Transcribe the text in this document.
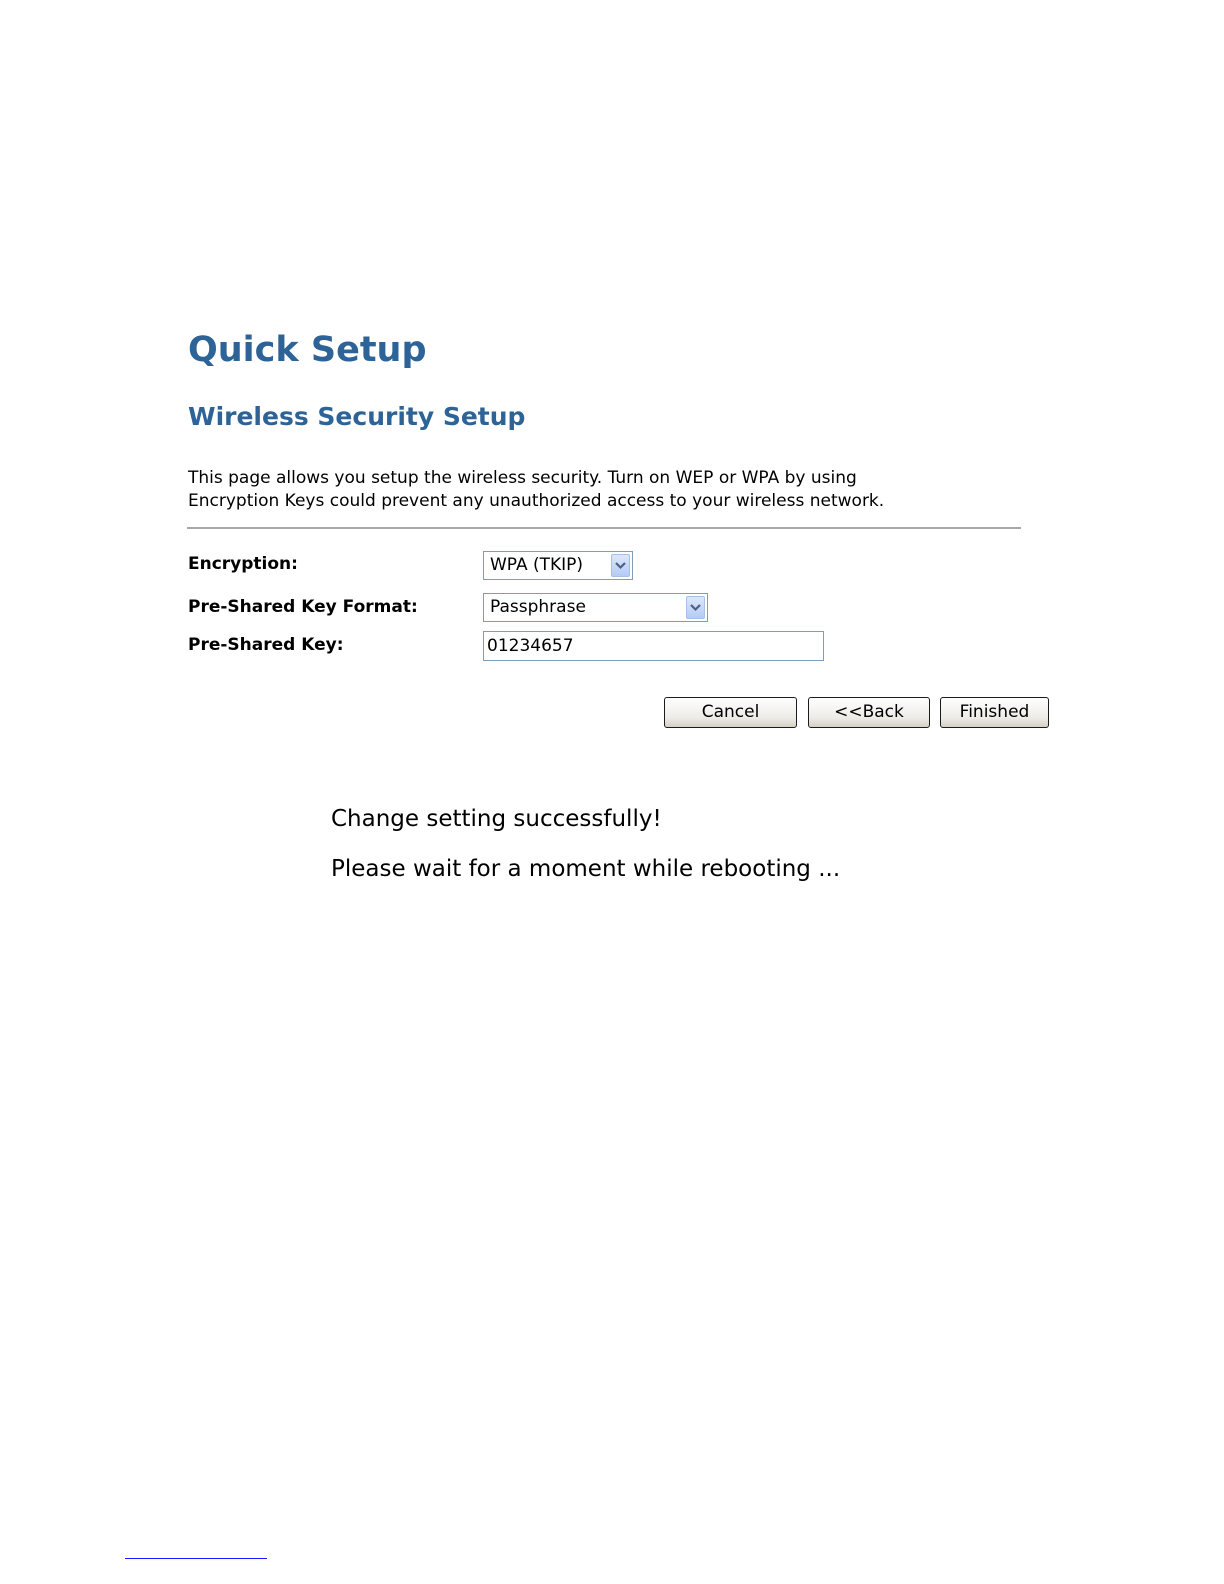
Quick Setup
Wireless Security Setup
This page allows you setup the wireless security. Turn on WEP or WPA by using
Encryption Keys could prevent any unauthorized access to your wireless network.
Encryption:	WPA (TKIP)
Pre-Shared Key Format:	Passphrase
Pre-Shared Key:	01234657
Cancel	<<Back	Finished
Change setting successfully!
Please wait for a moment while rebooting ...
